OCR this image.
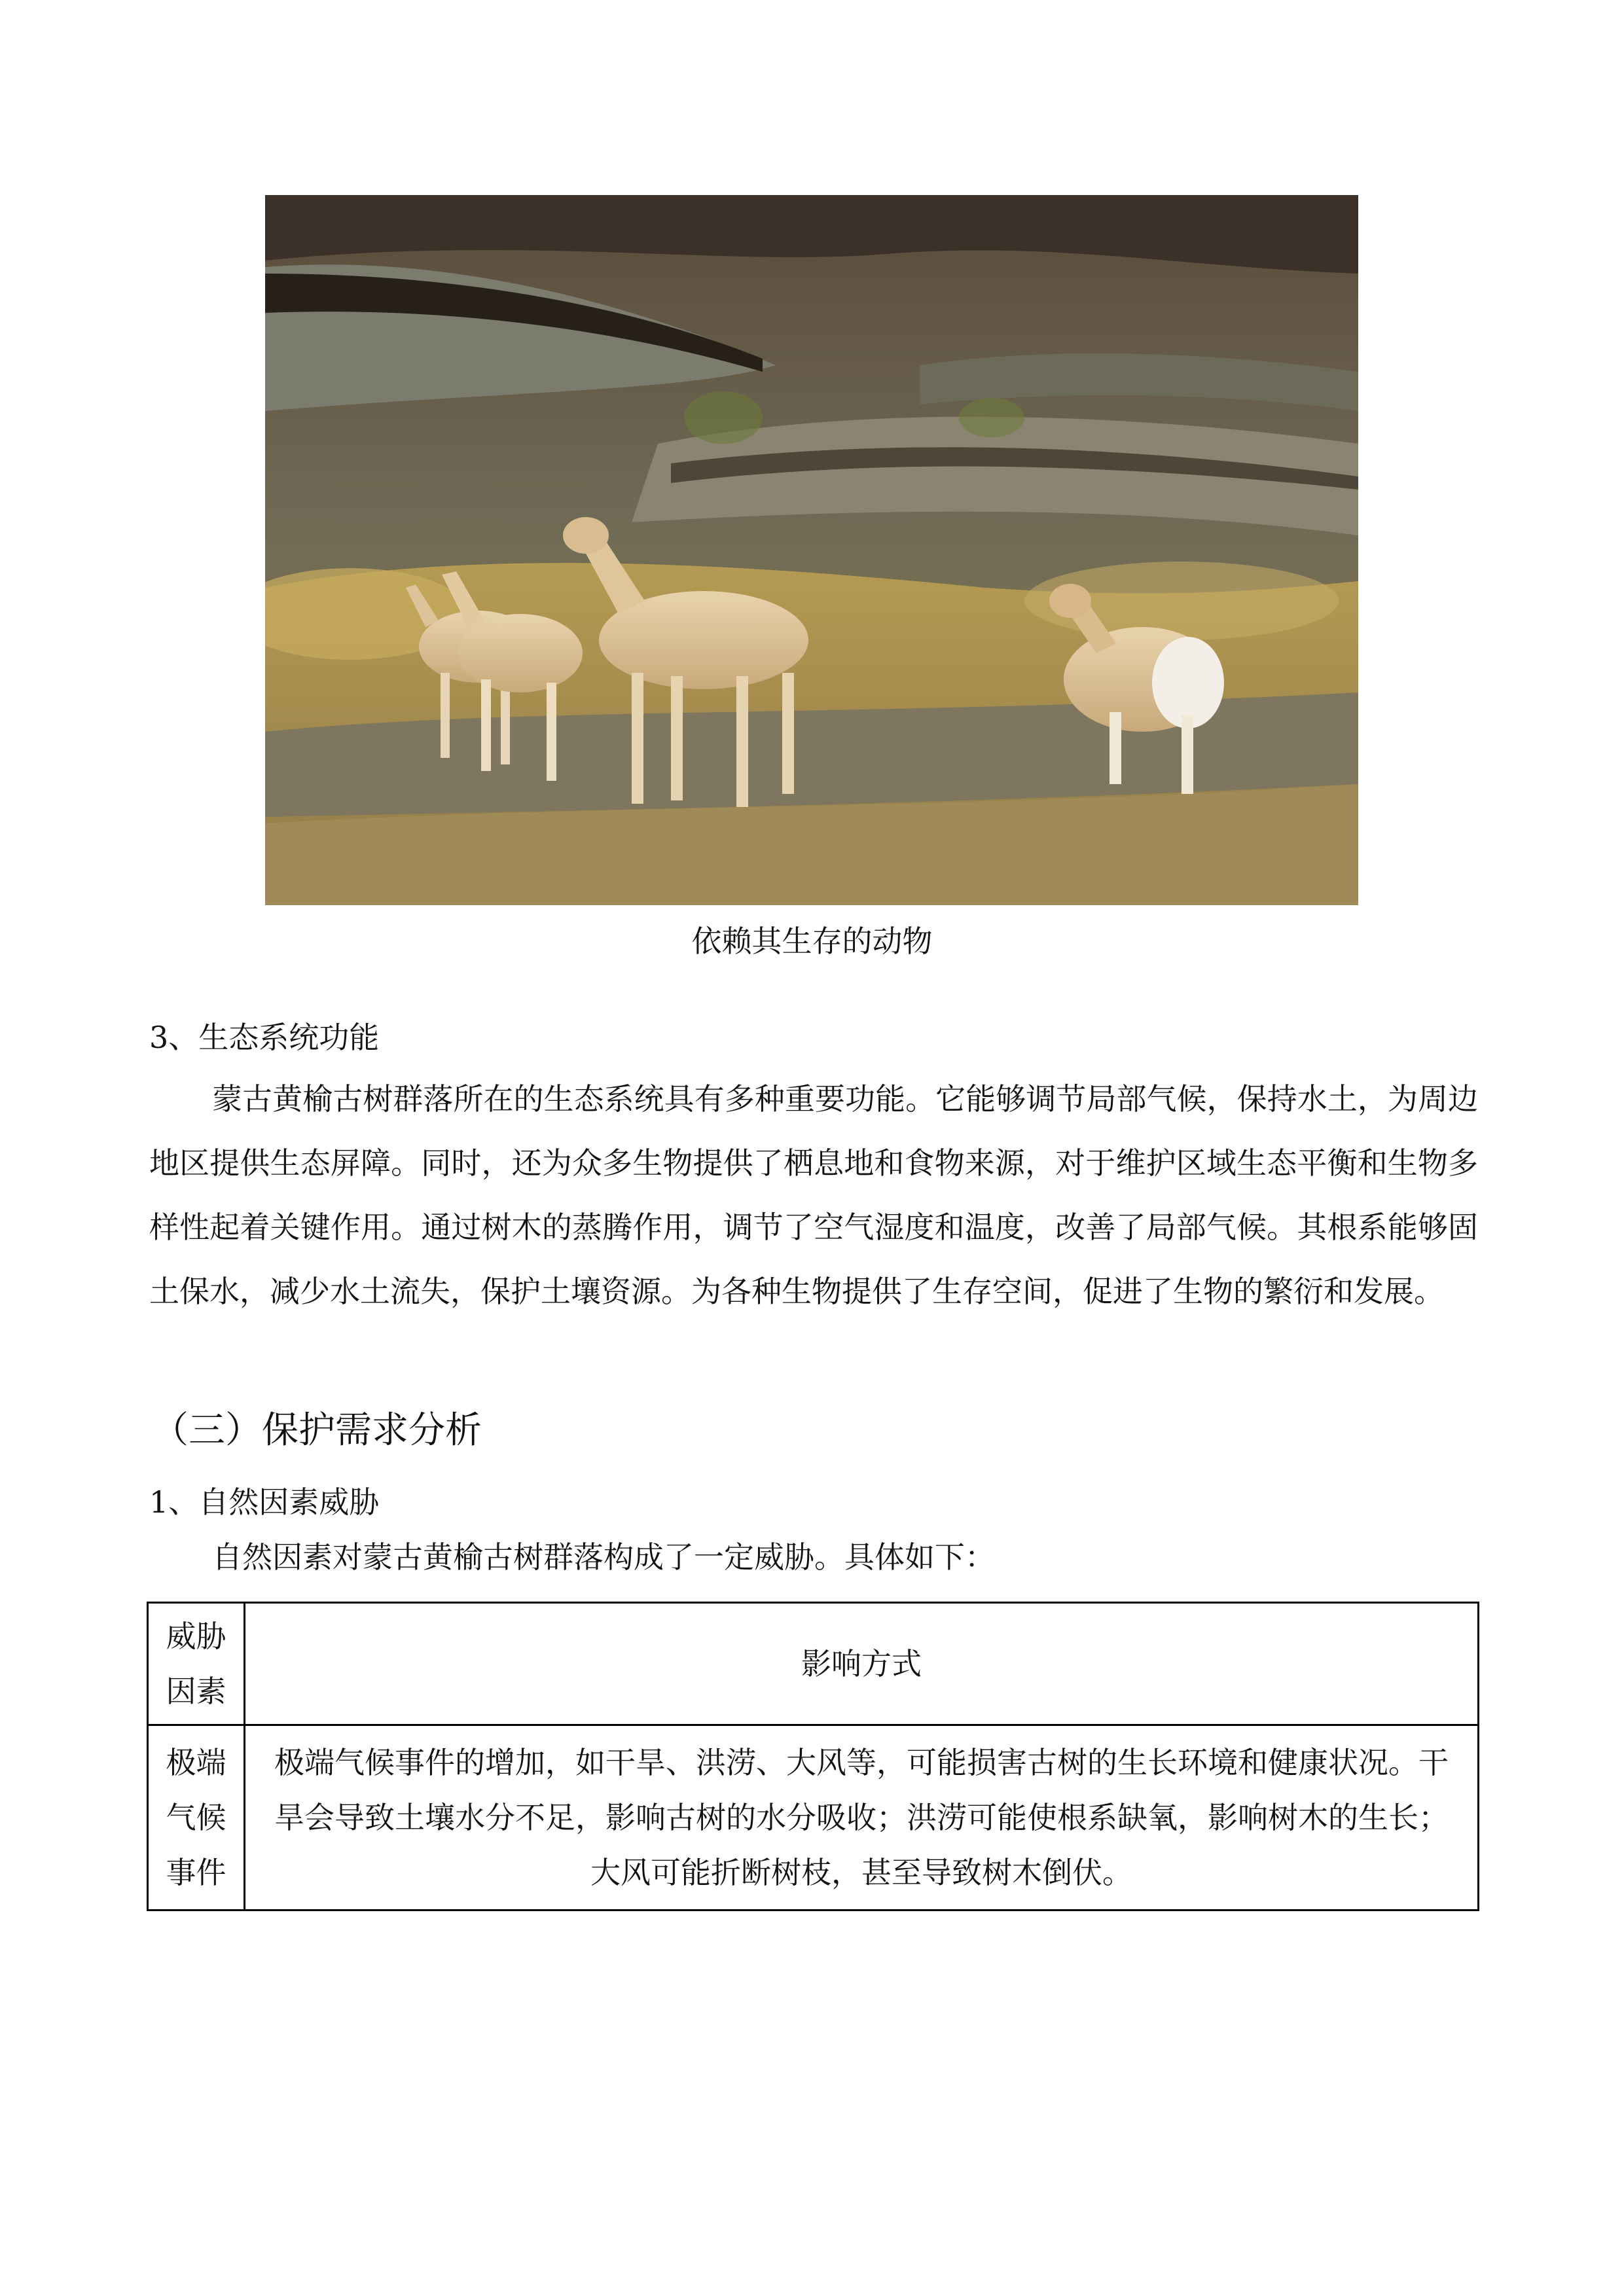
依赖其生存的动物
3、生态系统功能

蒙古黄榆古树群落所在的生态系统具有多种重要功能。它能够调节局部气候，保持水土，为周边地区提供生态屏障。同时，还为众多生物提供了栖息地和食物来源，对于维护区域生态平衡和生物多样性起着关键作用。通过树木的蒸腾作用，调节了空气湿度和温度，改善了局部气候。其根系能够固土保水，减少水土流失，保护土壤资源。为各种生物提供了生存空间，促进了生物的繁衍和发展。

（三）保护需求分析
1、自然因素威胁

自然因素对蒙古黄榆古树群落构成了一定威胁。具体如下：

威胁因素	影响方式
极端气候事件	极端气候事件的增加，如干旱、洪涝、大风等，可能损害古树的生长环境和健康状况。干旱会导致土壤水分不足，影响古树的水分吸收；洪涝可能使根系缺氧，影响树木的生长；大风可能折断树枝，甚至导致树木倒伏。
